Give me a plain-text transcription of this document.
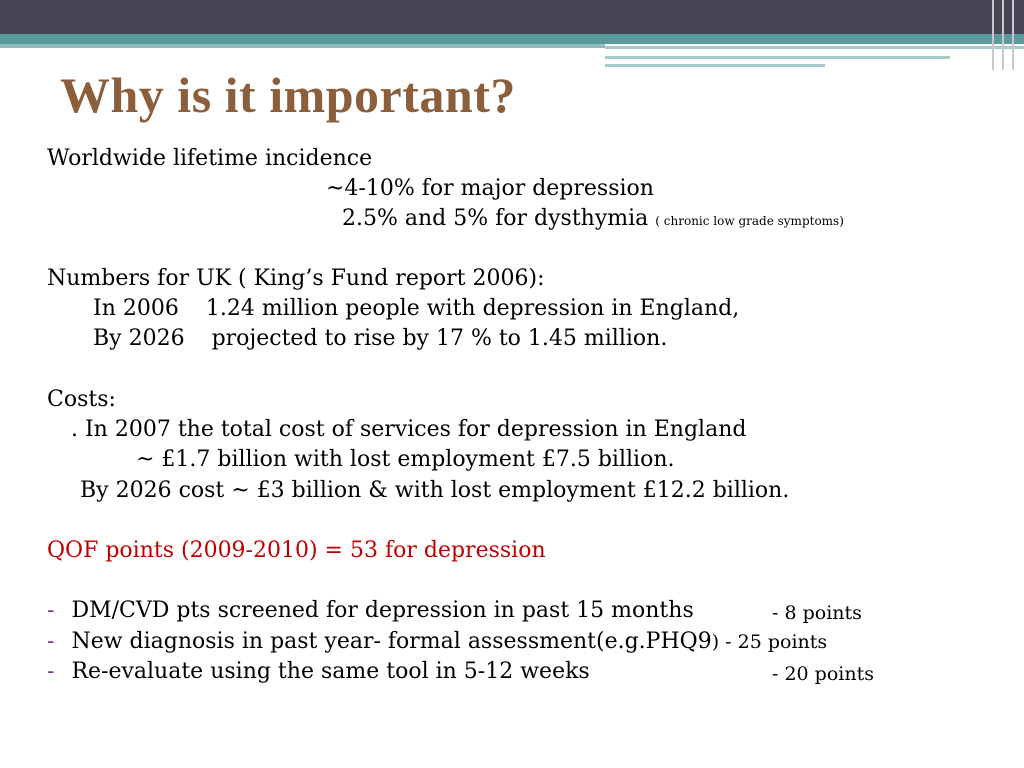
Why is it important?
Worldwide lifetime incidence
~4-10% for major depression
2.5% and 5% for dysthymia ( chronic low grade symptoms)
Numbers for UK ( King’s Fund report 2006):
In 2006 1.24 million people with depression in England,
By 2026 projected to rise by 17 % to 1.45 million.
Costs:
. In 2007 the total cost of services for depression in England
~ £1.7 billion with lost employment £7.5 billion.
By 2026 cost ~ £3 billion & with lost employment £12.2 billion.
QOF points (2009-2010) = 53 for depression
- DM/CVD pts screened for depression in past 15 months	- 8 points
- New diagnosis in past year- formal assessment(e.g.PHQ9) - 25 points
- Re-evaluate using the same tool in 5-12 weeks	- 20 points
